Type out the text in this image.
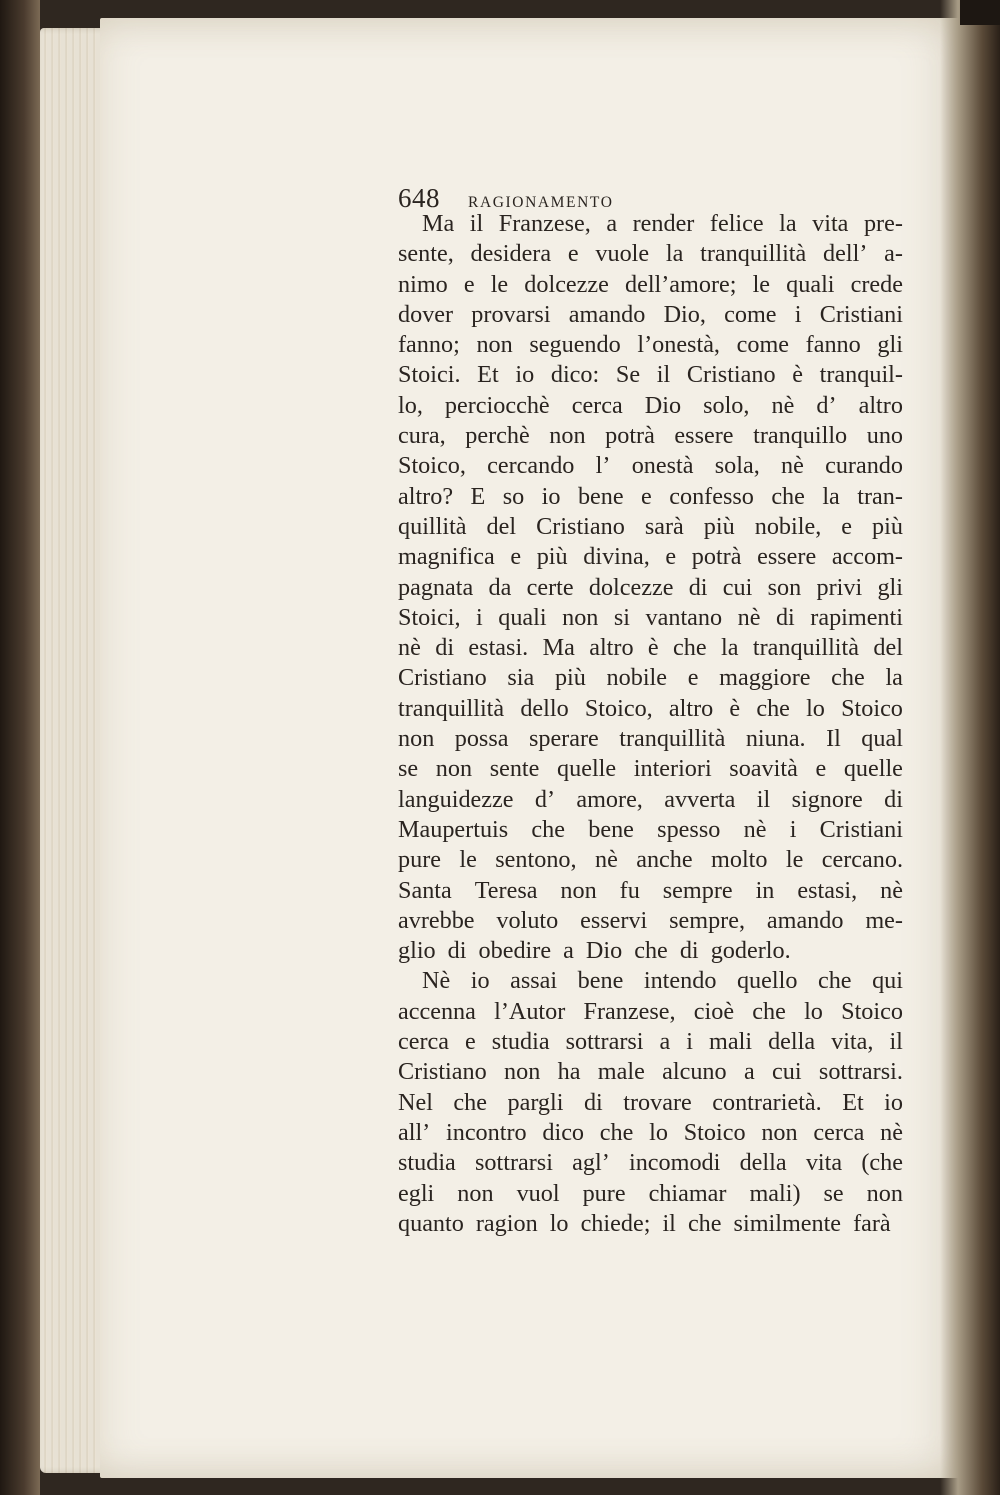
648	RAGIONAMENTO
Ma il Franzese, a render felice la vita pre-
sente, desidera e vuole la tranquillità dell’ a-
nimo e le dolcezze dell’amore; le quali crede
dover provarsi amando Dio, come i Cristiani
fanno; non seguendo l’onestà, come fanno gli
Stoici. Et io dico: Se il Cristiano è tranquil-
lo, perciocchè cerca Dio solo, nè d’ altro
cura, perchè non potrà essere tranquillo uno
Stoico, cercando l’ onestà sola, nè curando
altro? E so io bene e confesso che la tran-
quillità del Cristiano sarà più nobile, e più
magnifica e più divina, e potrà essere accom-
pagnata da certe dolcezze di cui son privi gli
Stoici, i quali non si vantano nè di rapimenti
nè di estasi. Ma altro è che la tranquillità del
Cristiano sia più nobile e maggiore che la
tranquillità dello Stoico, altro è che lo Stoico
non possa sperare tranquillità niuna. Il qual
se non sente quelle interiori soavità e quelle
languidezze d’ amore, avverta il signore di
Maupertuis che bene spesso nè i Cristiani
pure le sentono, nè anche molto le cercano.
Santa Teresa non fu sempre in estasi, nè
avrebbe voluto esservi sempre, amando me-
glio di obedire a Dio che di goderlo.
Nè io assai bene intendo quello che qui
accenna l’Autor Franzese, cioè che lo Stoico
cerca e studia sottrarsi a i mali della vita, il
Cristiano non ha male alcuno a cui sottrarsi.
Nel che pargli di trovare contrarietà. Et io
all’ incontro dico che lo Stoico non cerca nè
studia sottrarsi agl’ incomodi della vita (che
egli non vuol pure chiamar mali) se non
quanto ragion lo chiede; il che similmente farà
